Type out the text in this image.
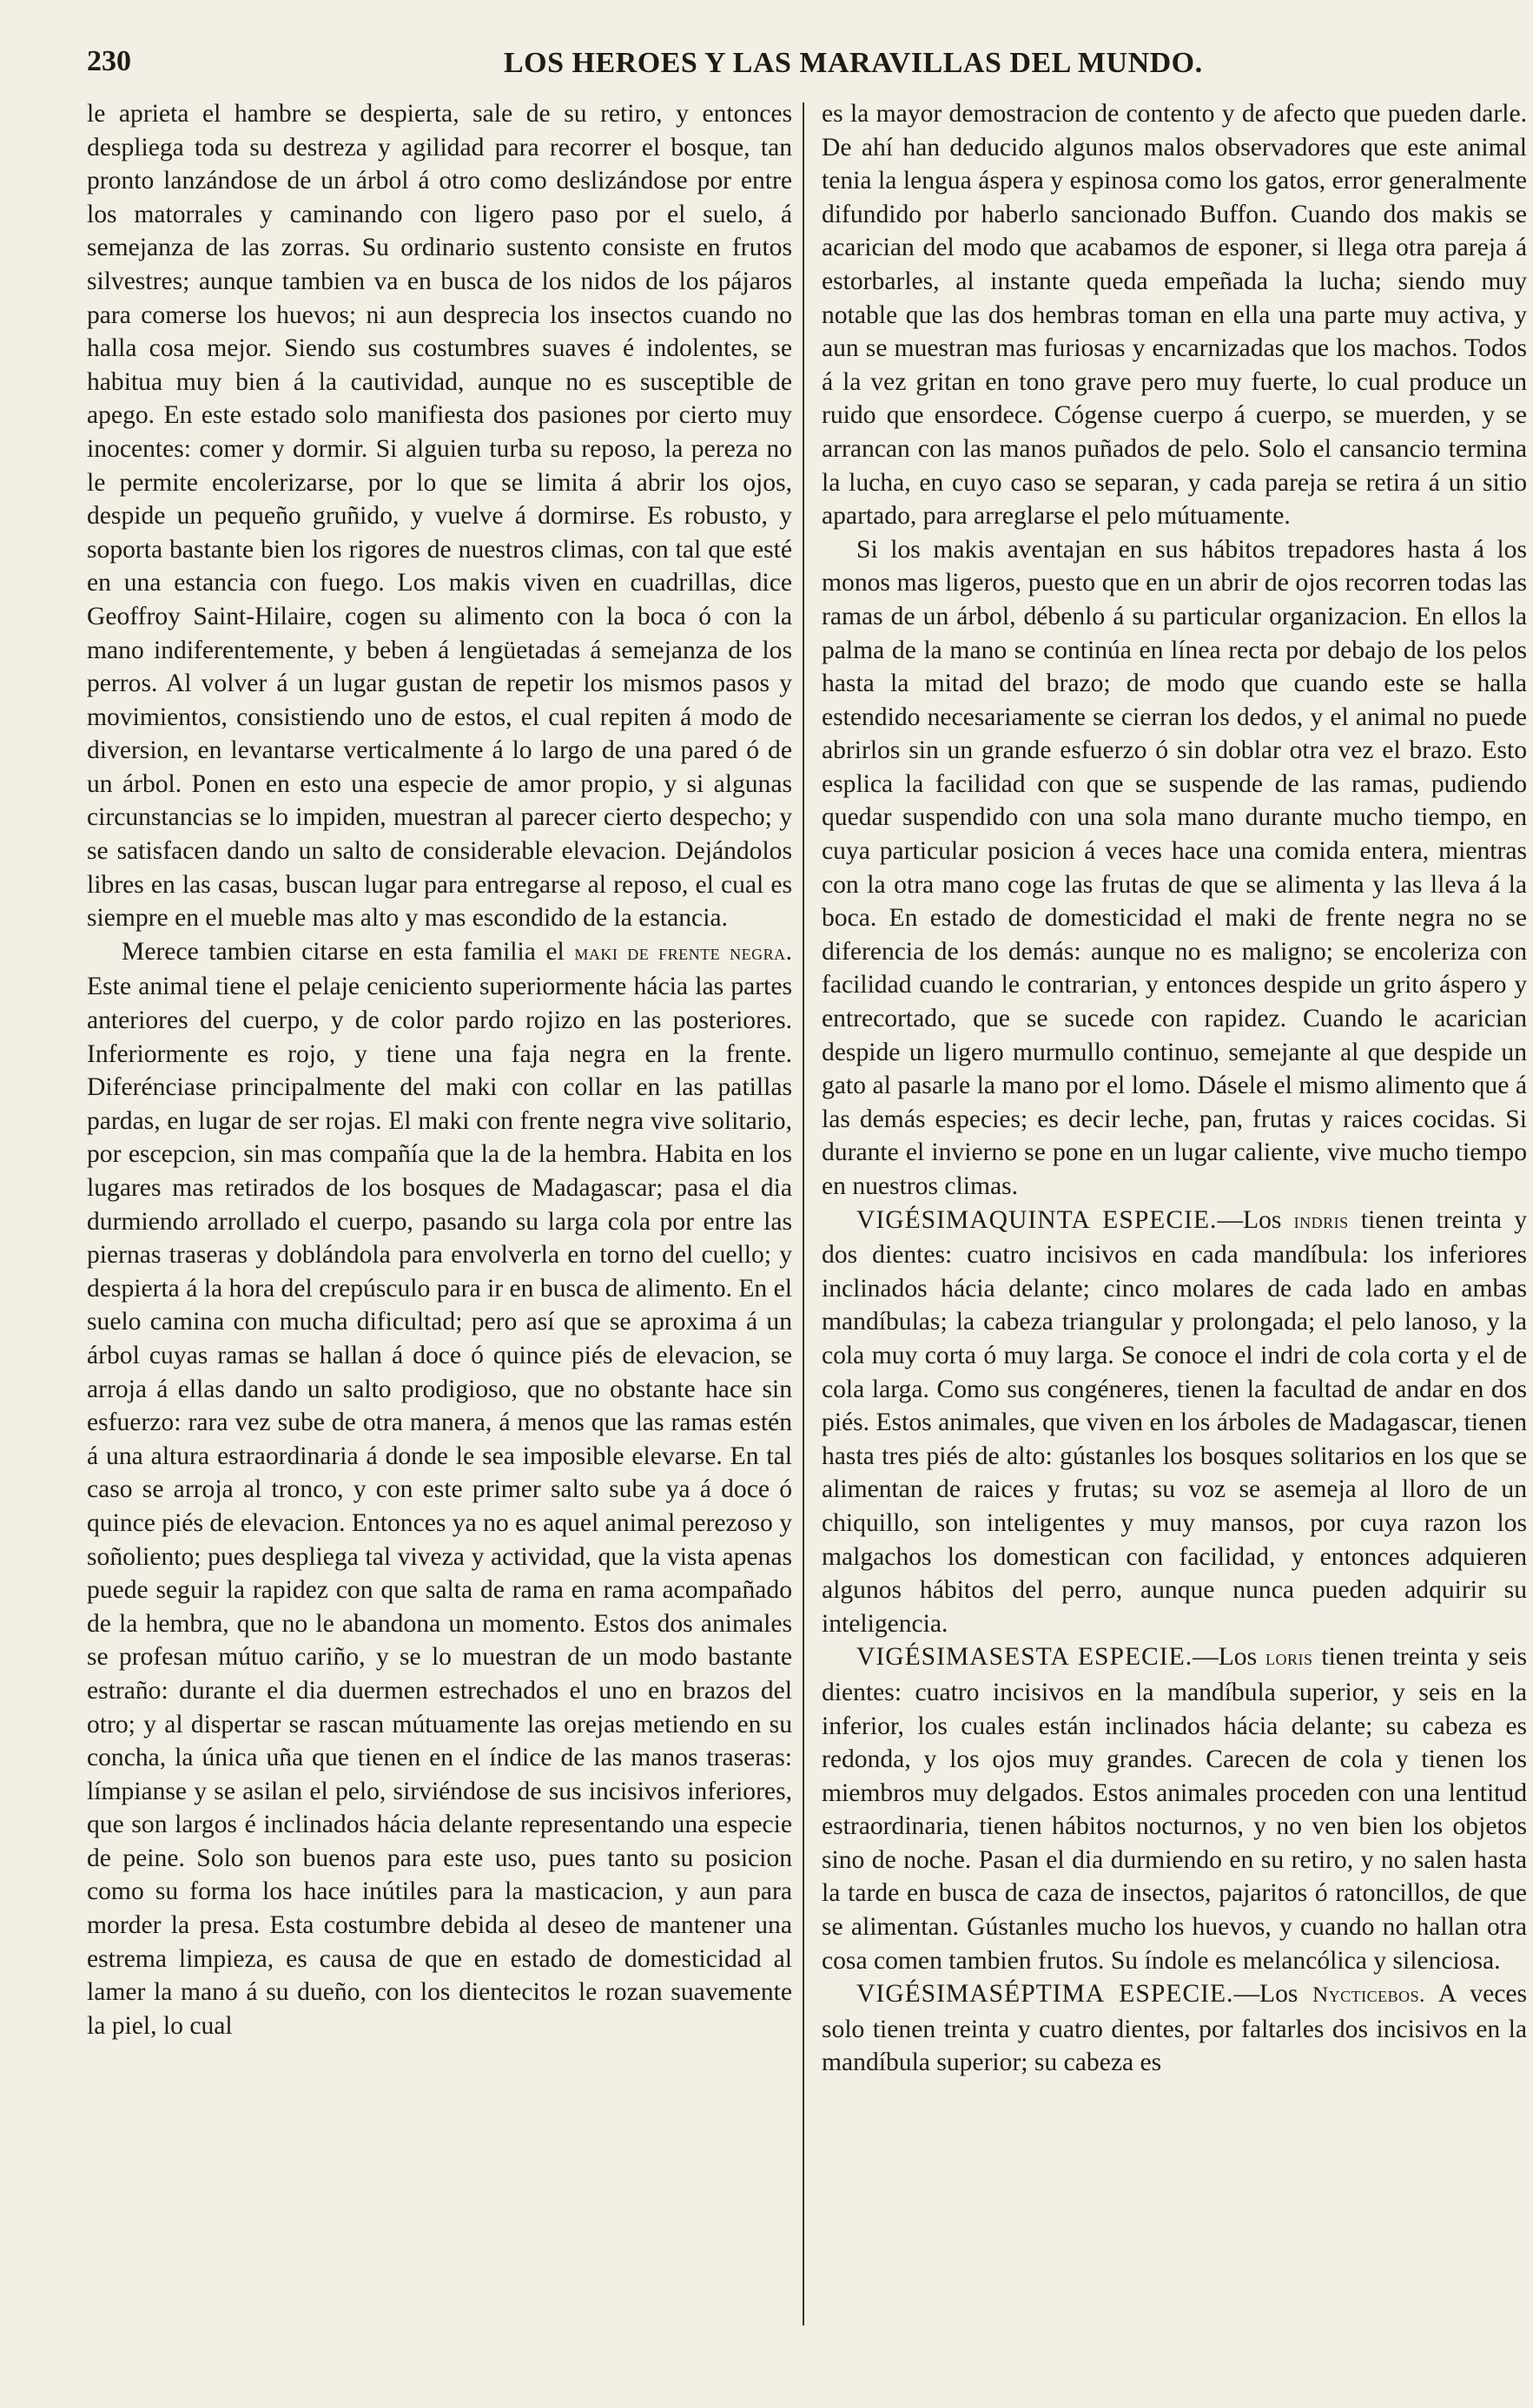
230	LOS HEROES Y LAS MARAVILLAS DEL MUNDO.

le aprieta el hambre se despierta, sale de su retiro, y entonces despliega toda su destreza y agilidad para recorrer el bosque, tan pronto lanzándose de un árbol á otro como deslizándose por entre los matorrales y caminando con ligero paso por el suelo, á semejanza de las zorras. Su ordinario sustento consiste en frutos silvestres; aunque tambien va en busca de los nidos de los pájaros para comerse los huevos; ni aun desprecia los insectos cuando no halla cosa mejor. Siendo sus costumbres suaves é indolentes, se habitua muy bien á la cautividad, aunque no es susceptible de apego. En este estado solo manifiesta dos pasiones por cierto muy inocentes: comer y dormir. Si alguien turba su reposo, la pereza no le permite encolerizarse, por lo que se limita á abrir los ojos, despide un pequeño gruñido, y vuelve á dormirse. Es robusto, y soporta bastante bien los rigores de nuestros climas, con tal que esté en una estancia con fuego. Los makis viven en cuadrillas, dice Geoffroy Saint-Hilaire, cogen su alimento con la boca ó con la mano indiferentemente, y beben á lengüetadas á semejanza de los perros. Al volver á un lugar gustan de repetir los mismos pasos y movimientos, consistiendo uno de estos, el cual repiten á modo de diversion, en levantarse verticalmente á lo largo de una pared ó de un árbol. Ponen en esto una especie de amor propio, y si algunas circunstancias se lo impiden, muestran al parecer cierto despecho; y se satisfacen dando un salto de considerable elevacion. Dejándolos libres en las casas, buscan lugar para entregarse al reposo, el cual es siempre en el mueble mas alto y mas escondido de la estancia.

Merece tambien citarse en esta familia el maki de frente negra. Este animal tiene el pelaje ceniciento superiormente hácia las partes anteriores del cuerpo, y de color pardo rojizo en las posteriores. Inferiormente es rojo, y tiene una faja negra en la frente. Diferénciase principalmente del maki con collar en las patillas pardas, en lugar de ser rojas. El maki con frente negra vive solitario, por escepcion, sin mas compañía que la de la hembra. Habita en los lugares mas retirados de los bosques de Madagascar; pasa el dia durmiendo arrollado el cuerpo, pasando su larga cola por entre las piernas traseras y doblándola para envolverla en torno del cuello; y despierta á la hora del crepúsculo para ir en busca de alimento. En el suelo camina con mucha dificultad; pero así que se aproxima á un árbol cuyas ramas se hallan á doce ó quince piés de elevacion, se arroja á ellas dando un salto prodigioso, que no obstante hace sin esfuerzo: rara vez sube de otra manera, á menos que las ramas estén á una altura estraordinaria á donde le sea imposible elevarse. En tal caso se arroja al tronco, y con este primer salto sube ya á doce ó quince piés de elevacion. Entonces ya no es aquel animal perezoso y soñoliento; pues despliega tal viveza y actividad, que la vista apenas puede seguir la rapidez con que salta de rama en rama acompañado de la hembra, que no le abandona un momento. Estos dos animales se profesan mútuo cariño, y se lo muestran de un modo bastante estraño: durante el dia duermen estrechados el uno en brazos del otro; y al dispertar se rascan mútuamente las orejas metiendo en su concha, la única uña que tienen en el índice de las manos traseras: límpianse y se asilan el pelo, sirviéndose de sus incisivos inferiores, que son largos é inclinados hácia delante representando una especie de peine. Solo son buenos para este uso, pues tanto su posicion como su forma los hace inútiles para la masticacion, y aun para morder la presa. Esta costumbre debida al deseo de mantener una estrema limpieza, es causa de que en estado de domesticidad al lamer la mano á su dueño, con los dientecitos le rozan suavemente la piel, lo cual

es la mayor demostracion de contento y de afecto que pueden darle. De ahí han deducido algunos malos observadores que este animal tenia la lengua áspera y espinosa como los gatos, error generalmente difundido por haberlo sancionado Buffon. Cuando dos makis se acarician del modo que acabamos de esponer, si llega otra pareja á estorbarles, al instante queda empeñada la lucha; siendo muy notable que las dos hembras toman en ella una parte muy activa, y aun se muestran mas furiosas y encarnizadas que los machos. Todos á la vez gritan en tono grave pero muy fuerte, lo cual produce un ruido que ensordece. Cógense cuerpo á cuerpo, se muerden, y se arrancan con las manos puñados de pelo. Solo el cansancio termina la lucha, en cuyo caso se separan, y cada pareja se retira á un sitio apartado, para arreglarse el pelo mútuamente.

Si los makis aventajan en sus hábitos trepadores hasta á los monos mas ligeros, puesto que en un abrir de ojos recorren todas las ramas de un árbol, débenlo á su particular organizacion. En ellos la palma de la mano se continúa en línea recta por debajo de los pelos hasta la mitad del brazo; de modo que cuando este se halla estendido necesariamente se cierran los dedos, y el animal no puede abrirlos sin un grande esfuerzo ó sin doblar otra vez el brazo. Esto esplica la facilidad con que se suspende de las ramas, pudiendo quedar suspendido con una sola mano durante mucho tiempo, en cuya particular posicion á veces hace una comida entera, mientras con la otra mano coge las frutas de que se alimenta y las lleva á la boca. En estado de domesticidad el maki de frente negra no se diferencia de los demás: aunque no es maligno; se encoleriza con facilidad cuando le contrarian, y entonces despide un grito áspero y entrecortado, que se sucede con rapidez. Cuando le acarician despide un ligero murmullo continuo, semejante al que despide un gato al pasarle la mano por el lomo. Dásele el mismo alimento que á las demás especies; es decir leche, pan, frutas y raices cocidas. Si durante el invierno se pone en un lugar caliente, vive mucho tiempo en nuestros climas.

VIGÉSIMAQUINTA ESPECIE.—Los indris tienen treinta y dos dientes: cuatro incisivos en cada mandíbula: los inferiores inclinados hácia delante; cinco molares de cada lado en ambas mandíbulas; la cabeza triangular y prolongada; el pelo lanoso, y la cola muy corta ó muy larga. Se conoce el indri de cola corta y el de cola larga. Como sus congéneres, tienen la facultad de andar en dos piés. Estos animales, que viven en los árboles de Madagascar, tienen hasta tres piés de alto: gústanles los bosques solitarios en los que se alimentan de raices y frutas; su voz se asemeja al lloro de un chiquillo, son inteligentes y muy mansos, por cuya razon los malgachos los domestican con facilidad, y entonces adquieren algunos hábitos del perro, aunque nunca pueden adquirir su inteligencia.

VIGÉSIMASESTA ESPECIE.—Los loris tienen treinta y seis dientes: cuatro incisivos en la mandíbula superior, y seis en la inferior, los cuales están inclinados hácia delante; su cabeza es redonda, y los ojos muy grandes. Carecen de cola y tienen los miembros muy delgados. Estos animales proceden con una lentitud estraordinaria, tienen hábitos nocturnos, y no ven bien los objetos sino de noche. Pasan el dia durmiendo en su retiro, y no salen hasta la tarde en busca de caza de insectos, pajaritos ó ratoncillos, de que se alimentan. Gústanles mucho los huevos, y cuando no hallan otra cosa comen tambien frutos. Su índole es melancólica y silenciosa.

VIGÉSIMASÉPTIMA ESPECIE.—Los Nycticebos. A veces solo tienen treinta y cuatro dientes, por faltarles dos incisivos en la mandíbula superior; su cabeza es
